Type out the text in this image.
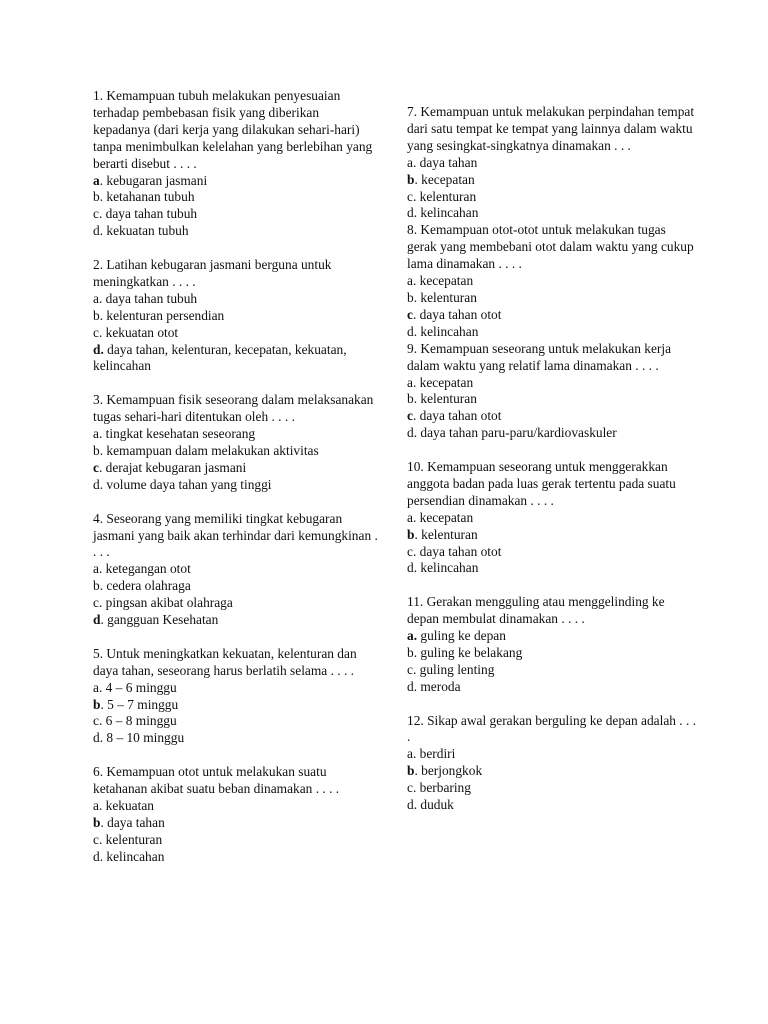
1. Kemampuan tubuh melakukan penyesuaian terhadap pembebasan fisik yang diberikan kepadanya (dari kerja yang dilakukan sehari-hari) tanpa menimbulkan kelelahan yang berlebihan yang berarti disebut . . . .
a. kebugaran jasmani
b. ketahanan tubuh
c. daya tahan tubuh
d. kekuatan tubuh
2. Latihan kebugaran jasmani berguna untuk meningkatkan . . . .
a. daya tahan tubuh
b. kelenturan persendian
c. kekuatan otot
d. daya tahan, kelenturan, kecepatan, kekuatan, kelincahan
3. Kemampuan fisik seseorang dalam melaksanakan tugas sehari-hari ditentukan oleh . . . .
a. tingkat kesehatan seseorang
b. kemampuan dalam melakukan aktivitas
c. derajat kebugaran jasmani
d. volume daya tahan yang tinggi
4. Seseorang yang memiliki tingkat kebugaran jasmani yang baik akan terhindar dari kemungkinan . . . .
a. ketegangan otot
b. cedera olahraga
c. pingsan akibat olahraga
d. gangguan Kesehatan
5. Untuk meningkatkan kekuatan, kelenturan dan daya tahan, seseorang harus berlatih selama . . . .
a. 4 – 6 minggu
b. 5 – 7 minggu
c. 6 – 8 minggu
d. 8 – 10 minggu
6. Kemampuan otot untuk melakukan suatu ketahanan akibat suatu beban dinamakan . . . .
a. kekuatan
b. daya tahan
c. kelenturan
d. kelincahan
7. Kemampuan untuk melakukan perpindahan tempat dari satu tempat ke tempat yang lainnya dalam waktu yang sesingkat-singkatnya dinamakan . . .
a. daya tahan
b. kecepatan
c. kelenturan
d. kelincahan
8. Kemampuan otot-otot untuk melakukan tugas gerak yang membebani otot dalam waktu yang cukup lama dinamakan . . . .
a. kecepatan
b. kelenturan
c. daya tahan otot
d. kelincahan
9. Kemampuan seseorang untuk melakukan kerja dalam waktu yang relatif lama dinamakan . . . .
a. kecepatan
b. kelenturan
c. daya tahan otot
d. daya tahan paru-paru/kardiovaskuler
10. Kemampuan seseorang untuk menggerakkan anggota badan pada luas gerak tertentu pada suatu persendian dinamakan . . . .
a. kecepatan
b. kelenturan
c. daya tahan otot
d. kelincahan
11. Gerakan mengguling atau menggelinding ke depan membulat dinamakan . . . .
a. guling ke depan
b. guling ke belakang
c. guling lenting
d. meroda
12. Sikap awal gerakan berguling ke depan adalah . . . .
a. berdiri
b. berjongkok
c. berbaring
d. duduk
